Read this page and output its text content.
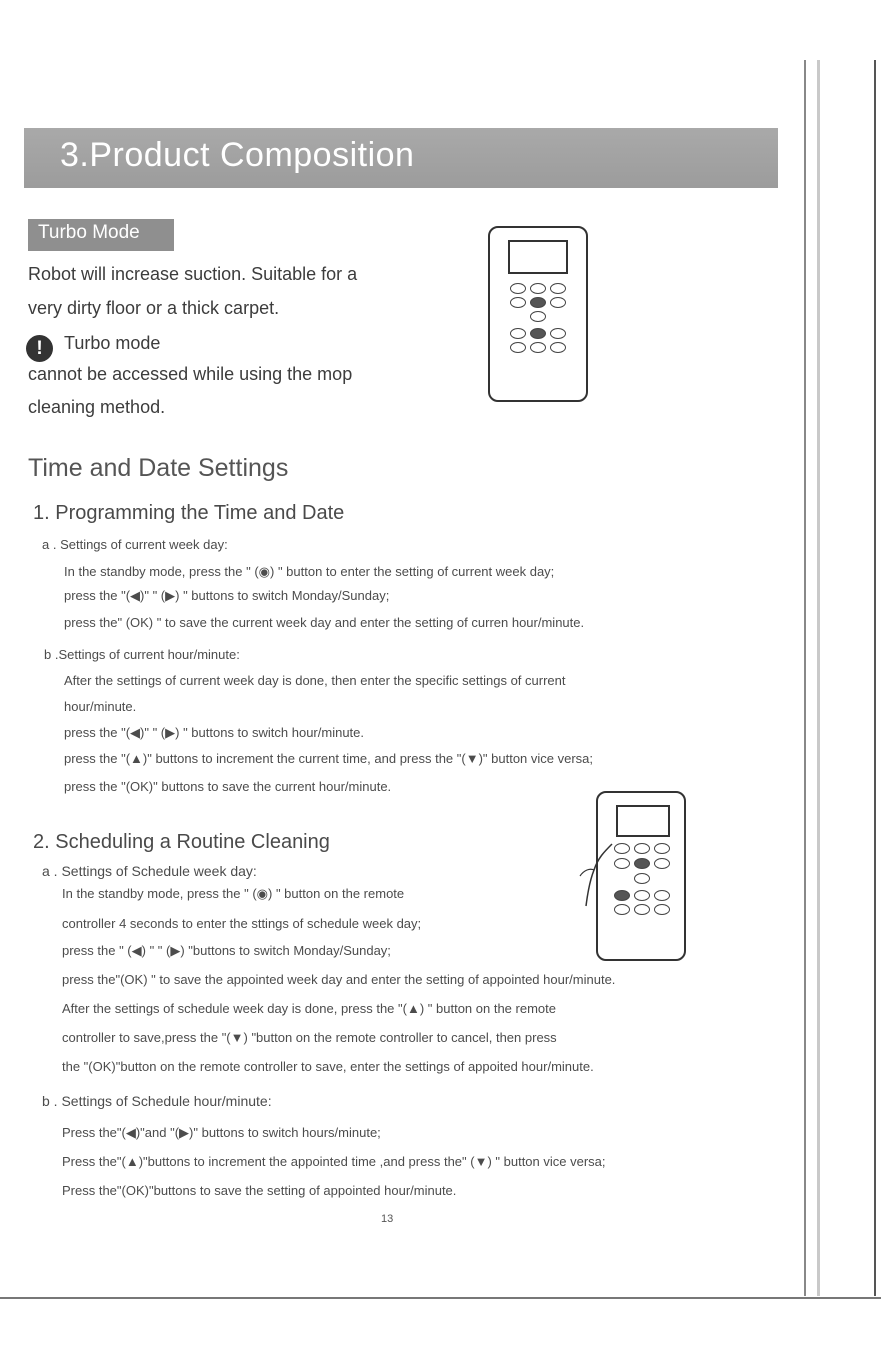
3.Product Composition
Turbo Mode
Robot will increase suction. Suitable for a
very dirty floor or a thick carpet.
!	Turbo mode
cannot be accessed while using the mop
cleaning method.
Time and Date Settings
1. Programming the Time and Date
a . Settings of current week day:
In the standby mode, press the " (◉) " button to enter the setting of current week day;
press the "(◀)" " (▶) " buttons to switch Monday/Sunday;
press the" (OK) " to save the current week day and enter the setting of curren hour/minute.
b .Settings of current hour/minute:
After the settings of current week day is done, then enter the specific settings of current
hour/minute.
press the "(◀)" " (▶) " buttons to switch hour/minute.
press the "(▲)" buttons to increment the current time, and press the "(▼)" button vice versa;
press the "(OK)" buttons to save the current hour/minute.
2. Scheduling a Routine Cleaning
a . Settings of Schedule week day:
In the standby mode, press the " (◉) " button on the remote
controller 4 seconds to enter the sttings of schedule week day;
press the " (◀) " " (▶) "buttons to switch Monday/Sunday;
press the"(OK) " to save the appointed week day and enter the setting of appointed hour/minute.
After the settings of schedule week day is done, press the "(▲) " button on the remote
controller to save,press the "(▼) "button on the remote controller to cancel, then press
the "(OK)"button on the remote controller to save, enter the settings of appoited hour/minute.
b . Settings of Schedule hour/minute:
Press the"(◀)"and "(▶)" buttons to switch hours/minute;
Press the"(▲)"buttons to increment the appointed time ,and press the" (▼) " button vice versa;
Press the"(OK)"buttons to save the setting of appointed hour/minute.
13
